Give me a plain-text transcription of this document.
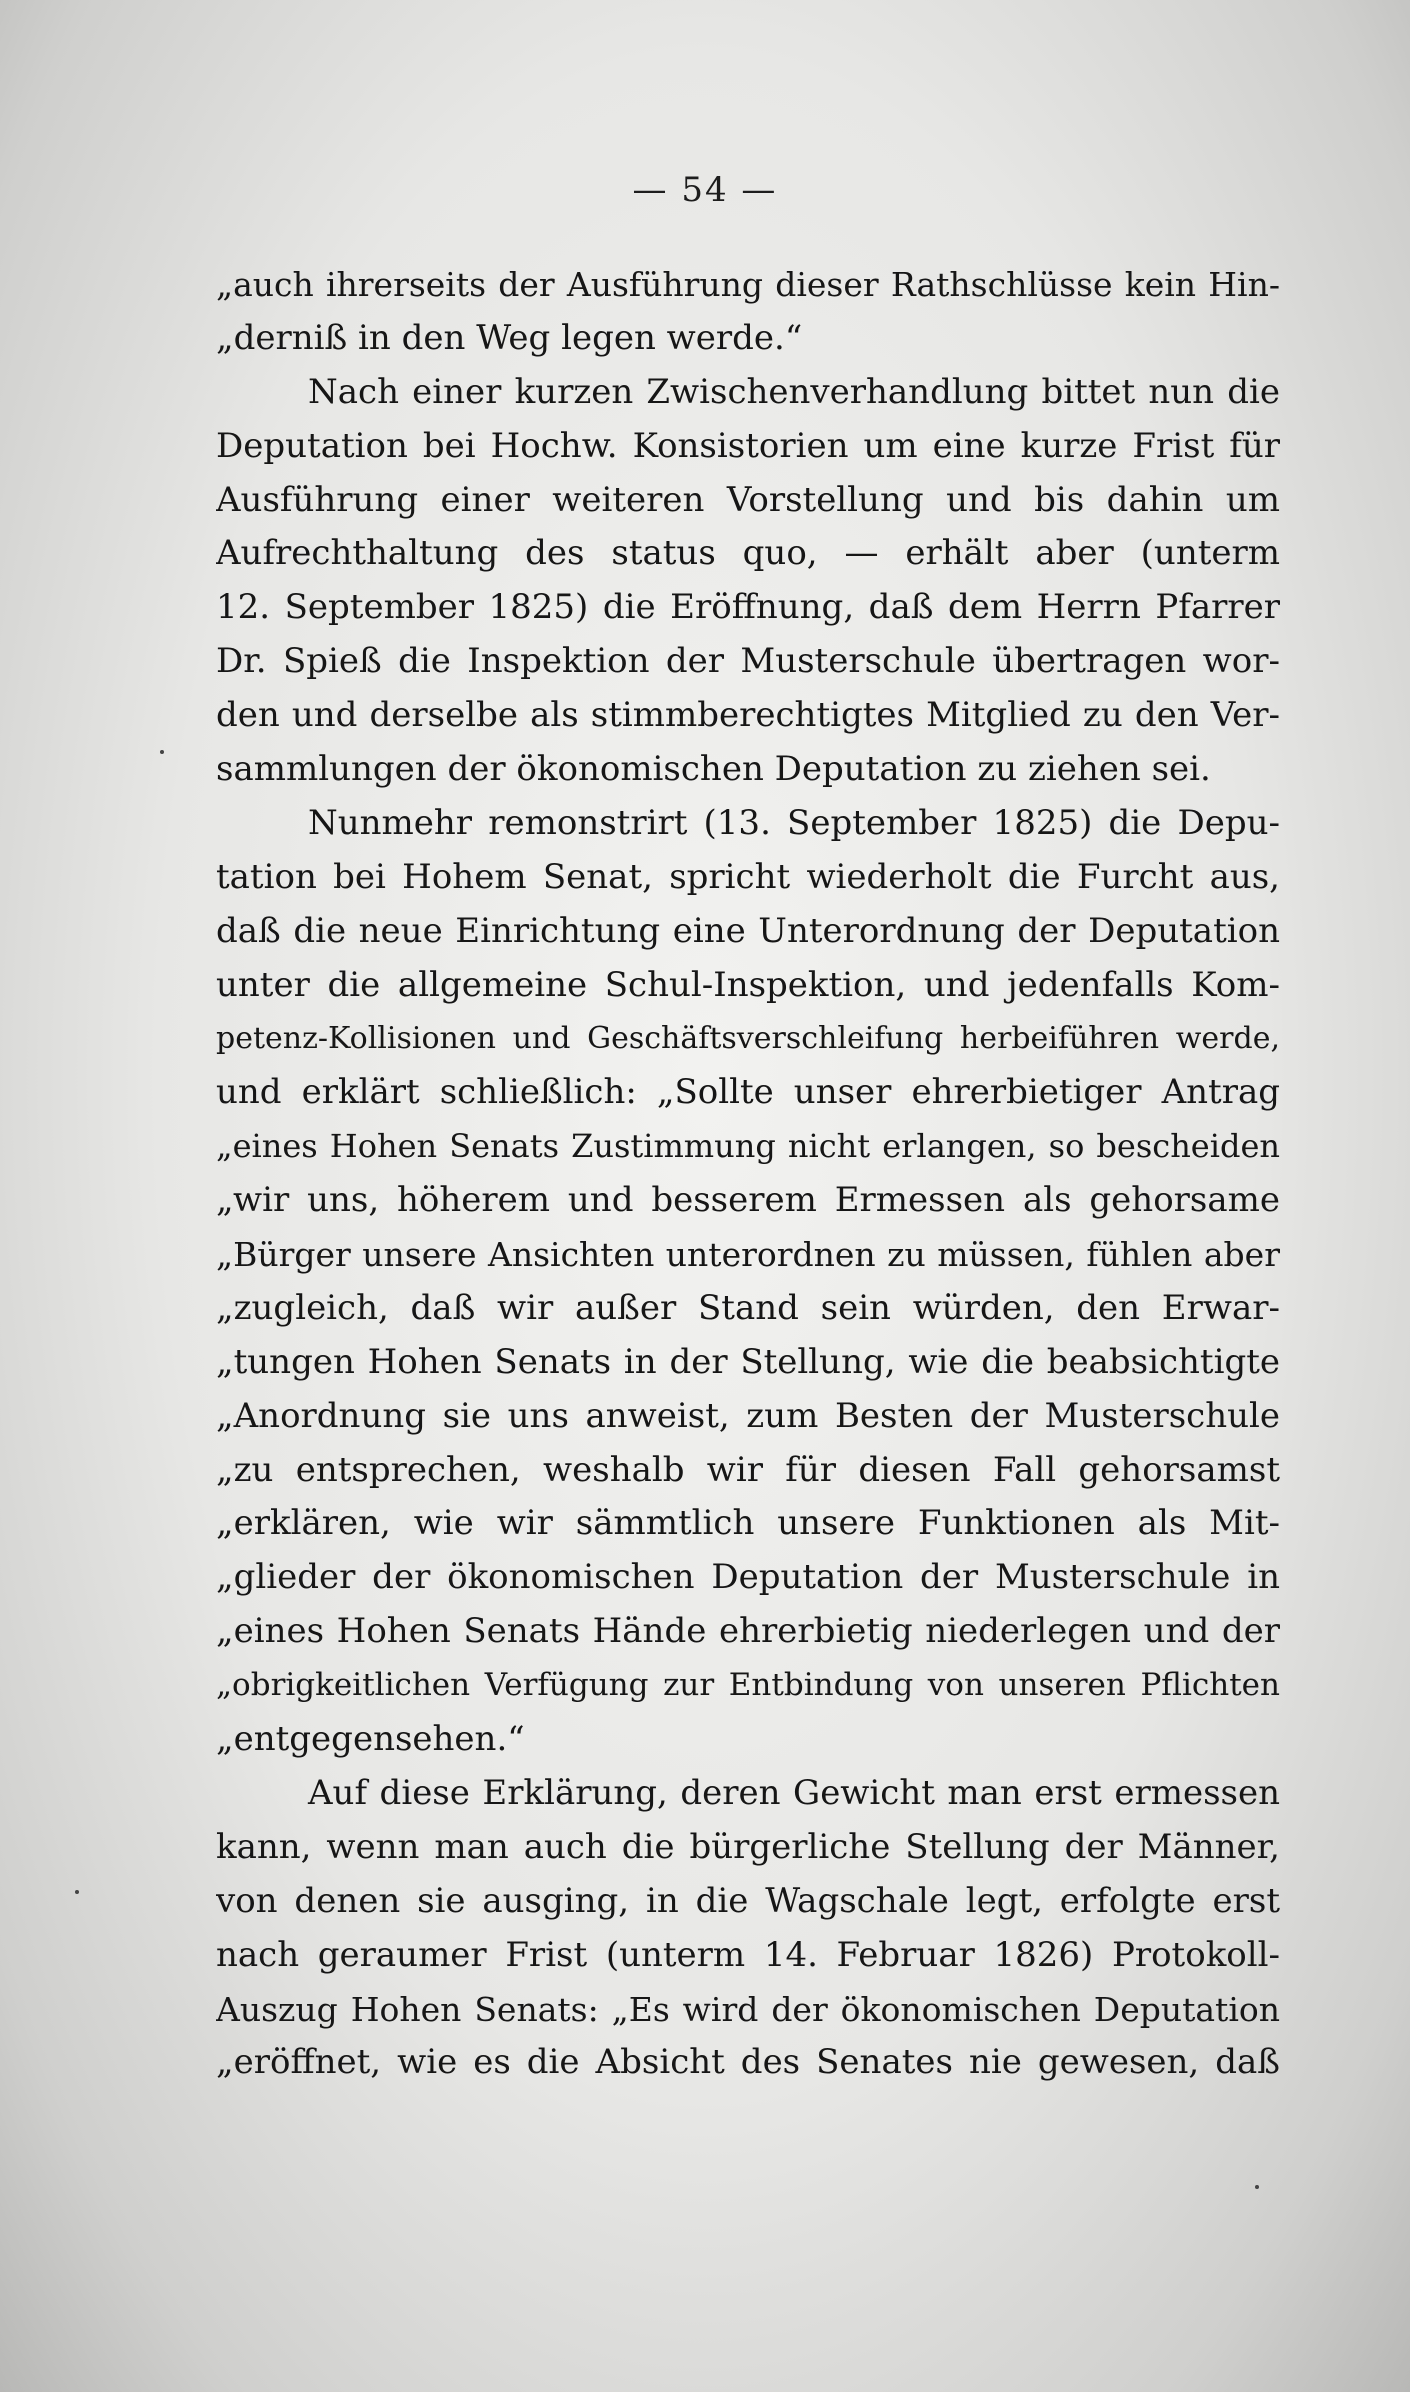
— 54 —
„auch ihrerseits der Ausführung dieser Rathschlüsse kein Hin-
„derniß in den Weg legen werde.“
Nach einer kurzen Zwischenverhandlung bittet nun die
Deputation bei Hochw. Konsistorien um eine kurze Frist für
Ausführung einer weiteren Vorstellung und bis dahin um
Aufrechthaltung des status quo, — erhält aber (unterm
12. September 1825) die Eröffnung, daß dem Herrn Pfarrer
Dr. Spieß die Inspektion der Musterschule übertragen wor-
den und derselbe als stimmberechtigtes Mitglied zu den Ver-
sammlungen der ökonomischen Deputation zu ziehen sei.
Nunmehr remonstrirt (13. September 1825) die Depu-
tation bei Hohem Senat, spricht wiederholt die Furcht aus,
daß die neue Einrichtung eine Unterordnung der Deputation
unter die allgemeine Schul-Inspektion, und jedenfalls Kom-
petenz-Kollisionen und Geschäftsverschleifung herbeiführen werde,
und erklärt schließlich: „Sollte unser ehrerbietiger Antrag
„eines Hohen Senats Zustimmung nicht erlangen, so bescheiden
„wir uns, höherem und besserem Ermessen als gehorsame
„Bürger unsere Ansichten unterordnen zu müssen, fühlen aber
„zugleich, daß wir außer Stand sein würden, den Erwar-
„tungen Hohen Senats in der Stellung, wie die beabsichtigte
„Anordnung sie uns anweist, zum Besten der Musterschule
„zu entsprechen, weshalb wir für diesen Fall gehorsamst
„erklären, wie wir sämmtlich unsere Funktionen als Mit-
„glieder der ökonomischen Deputation der Musterschule in
„eines Hohen Senats Hände ehrerbietig niederlegen und der
„obrigkeitlichen Verfügung zur Entbindung von unseren Pflichten
„entgegensehen.“
Auf diese Erklärung, deren Gewicht man erst ermessen
kann, wenn man auch die bürgerliche Stellung der Männer,
von denen sie ausging, in die Wagschale legt, erfolgte erst
nach geraumer Frist (unterm 14. Februar 1826) Protokoll-
Auszug Hohen Senats: „Es wird der ökonomischen Deputation
„eröffnet, wie es die Absicht des Senates nie gewesen, daß
